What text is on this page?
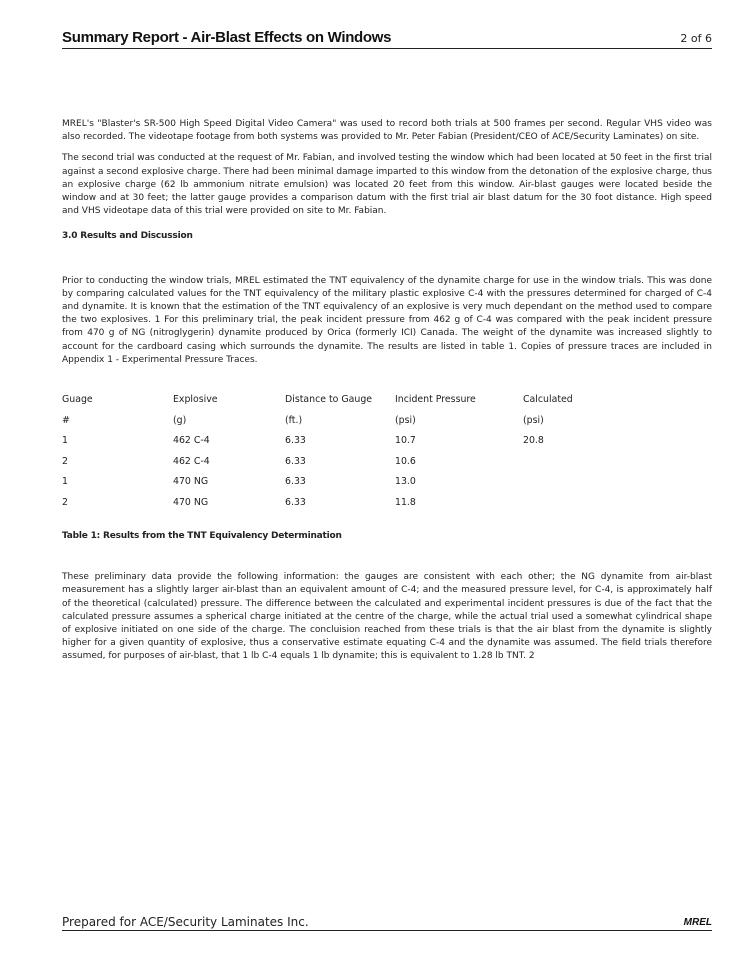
Summary Report - Air-Blast Effects on Windows	2 of 6

MREL's "Blaster's SR-500 High Speed Digital Video Camera" was used to record both trials at 500 frames per second. Regular VHS video was also recorded. The videotape footage from both systems was provided to Mr. Peter Fabian (President/CEO of ACE/Security Laminates) on site.

The second trial was conducted at the request of Mr. Fabian, and involved testing the window which had been located at 50 feet in the first trial against a second explosive charge. There had been minimal damage imparted to this window from the detonation of the explosive charge, thus an explosive charge (62 lb ammonium nitrate emulsion) was located 20 feet from this window. Air-blast gauges were located beside the window and at 30 feet; the latter gauge provides a comparison datum with the first trial air blast datum for the 30 foot distance. High speed and VHS videotape data of this trial were provided on site to Mr. Fabian.

3.0 Results and Discussion

Prior to conducting the window trials, MREL estimated the TNT equivalency of the dynamite charge for use in the window trials. This was done by comparing calculated values for the TNT equivalency of the military plastic explosive C-4 with the pressures determined for charged of C-4 and dynamite. It is known that the estimation of the TNT equivalency of an explosive is very much dependant on the method used to compare the two explosives. 1 For this preliminary trial, the peak incident pressure from 462 g of C-4 was compared with the peak incident pressure from 470 g of NG (nitroglygerin) dynamite produced by Orica (formerly ICI) Canada. The weight of the dynamite was increased slightly to account for the cardboard casing which surrounds the dynamite. The results are listed in table 1. Copies of pressure traces are included in Appendix 1 - Experimental Pressure Traces.

Guage	Explosive	Distance to Gauge	Incident Pressure	Calculated
#	(g)	(ft.)	(psi)	(psi)
1	462 C-4	6.33	10.7	20.8
2	462 C-4	6.33	10.6
1	470 NG	6.33	13.0
2	470 NG	6.33	11.8
Table 1: Results from the TNT Equivalency Determination

These preliminary data provide the following information: the gauges are consistent with each other; the NG dynamite from air-blast measurement has a slightly larger air-blast than an equivalent amount of C-4; and the measured pressure level, for C-4, is approximately half of the theoretical (calculated) pressure. The difference between the calculated and experimental incident pressures is due of the fact that the calculated pressure assumes a spherical charge initiated at the centre of the charge, while the actual trial used a somewhat cylindrical shape of explosive initiated on one side of the charge. The concluision reached from these trials is that the air blast from the dynamite is slightly higher for a given quantity of explosive, thus a conservative estimate equating C-4 and the dynamite was assumed. The field trials therefore assumed, for purposes of air-blast, that 1 lb C-4 equals 1 lb dynamite; this is equivalent to 1.28 lb TNT. 2

Prepared for ACE/Security Laminates Inc.	MREL
